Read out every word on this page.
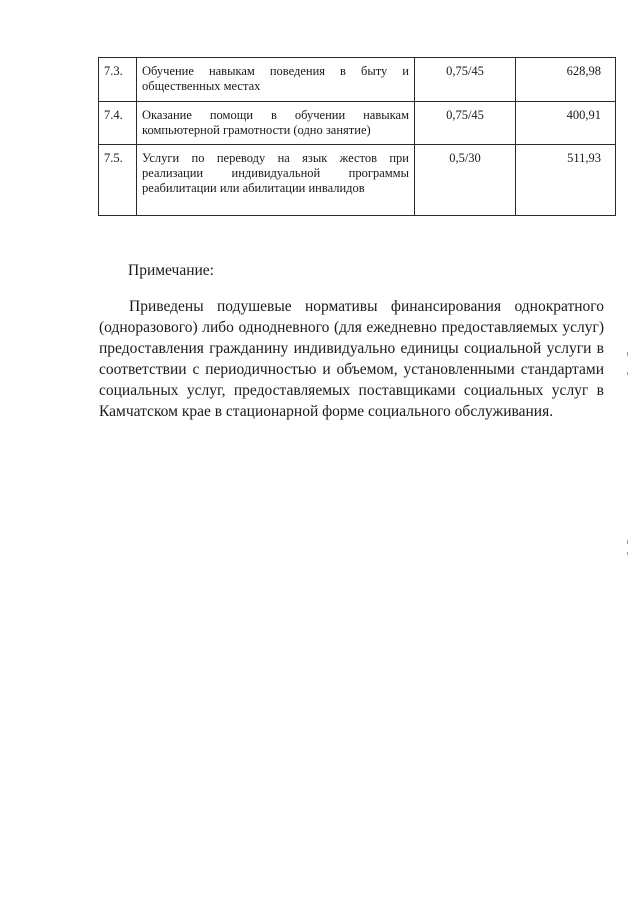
7.3.	Обучение навыкам поведения в быту и общественных местах	0,75/45	628,98
7.4.	Оказание помощи в обучении навыкам компьютерной грамотности (одно занятие)	0,75/45	400,91
7.5.	Услуги по переводу на язык жестов при реализации индивидуальной программы реабилитации или абилитации инвалидов	0,5/30	511,93

Примечание:

Приведены подушевые нормативы финансирования однократного (одноразового) либо однодневного (для ежедневно предоставляемых услуг) предоставления гражданину индивидуально единицы социальной услуги в соответствии с периодичностью и объемом, установленными стандартами социальных услуг, предоставляемых поставщиками социальных услуг в Камчатском крае в стационарной форме социального обслуживания.
